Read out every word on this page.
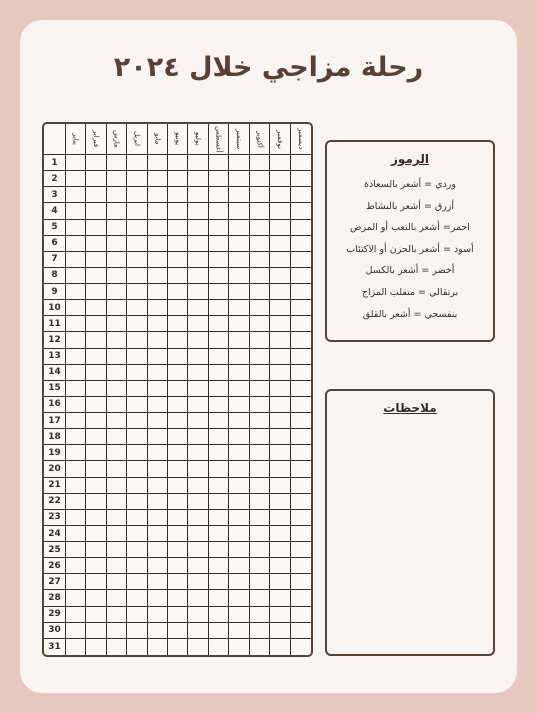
رحلة مزاجي خلال ٢٠٢٤
يناير فبراير مارس ابريل مايو يونيو يوليو أغسطس سبتمبر أكتوبر نوفمبر ديسمبر
1
2
3
4
5
6
7
8
9
10
11
12
13
14
15
16
17
18
19
20
21
22
23
24
25
26
27
28
29
30
31
الرموز
وردي = أشعر بالسعادة
أزرق = أشعر بالنشاط
احمر= أشعر بالتعب أو المرض
أسود = أشعر بالحزن أو الاكتئاب
أخضر = أشعر بالكسل
برتقالي = متقلب المزاج
بنفسجي = أشعر بالقلق
ملاحظات
